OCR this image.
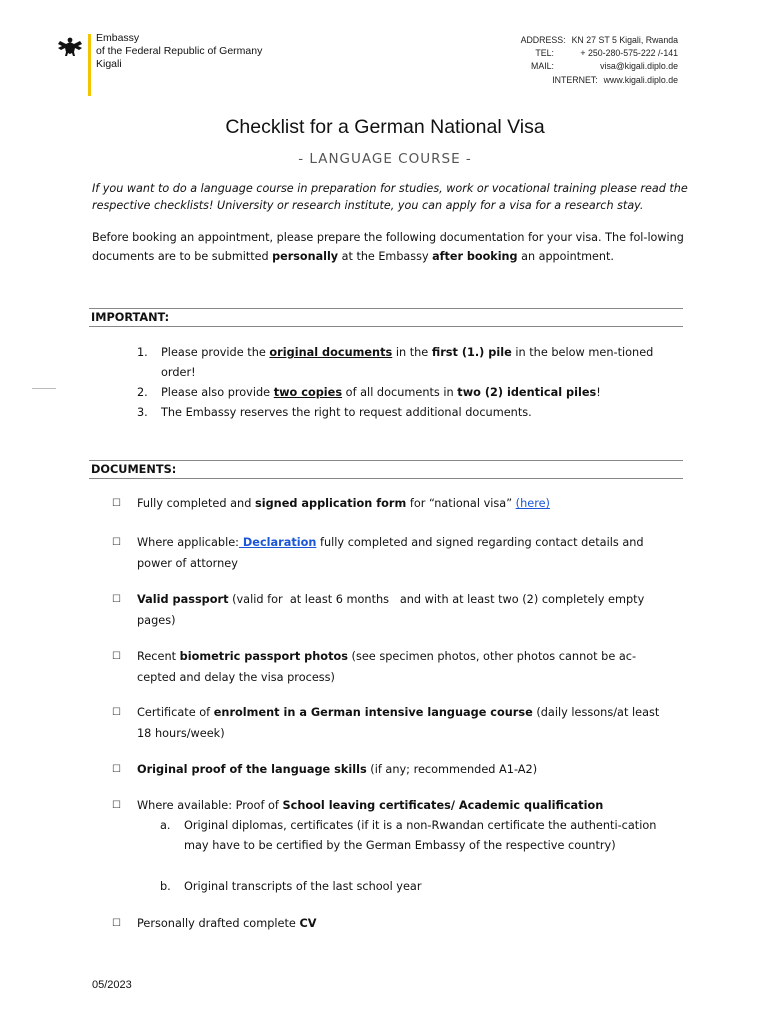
Embassy
of the Federal Republic of Germany
Kigali
ADDRESS: KN 27 ST 5 Kigali, Rwanda
TEL:	+ 250-280-575-222 /-141
MAIL:	visa@kigali.diplo.de
INTERNET: www.kigali.diplo.de
Checklist for a German National Visa
- LANGUAGE COURSE -
If you want to do a language course in preparation for studies, work or vocational training please read the respective checklists! University or research institute, you can apply for a visa for a research stay.
Before booking an appointment, please prepare the following documentation for your visa. The fol-lowing documents are to be submitted personally at the Embassy after booking an appointment.
IMPORTANT:
1.	Please provide the original documents in the first (1.) pile in the below men-tioned order!
2.	Please also provide two copies of all documents in two (2) identical piles!
3.	The Embassy reserves the right to request additional documents.
DOCUMENTS:
☐	Fully completed and signed application form for “national visa” (here)
☐	Where applicable: Declaration fully completed and signed regarding contact details and power of attorney
☐	Valid passport (valid for  at least 6 months   and with at least two (2) completely empty pages)
☐	Recent biometric passport photos (see specimen photos, other photos cannot be ac-cepted and delay the visa process)
☐	Certificate of enrolment in a German intensive language course (daily lessons/at least 18 hours/week)
☐	Original proof of the language skills (if any; recommended A1-A2)
☐	Where available: Proof of School leaving certificates/ Academic qualification
a.	Original diplomas, certificates (if it is a non-Rwandan certificate the authenti-cation may have to be certified by the German Embassy of the respective country)
b.	Original transcripts of the last school year
☐	Personally drafted complete CV
05/2023
